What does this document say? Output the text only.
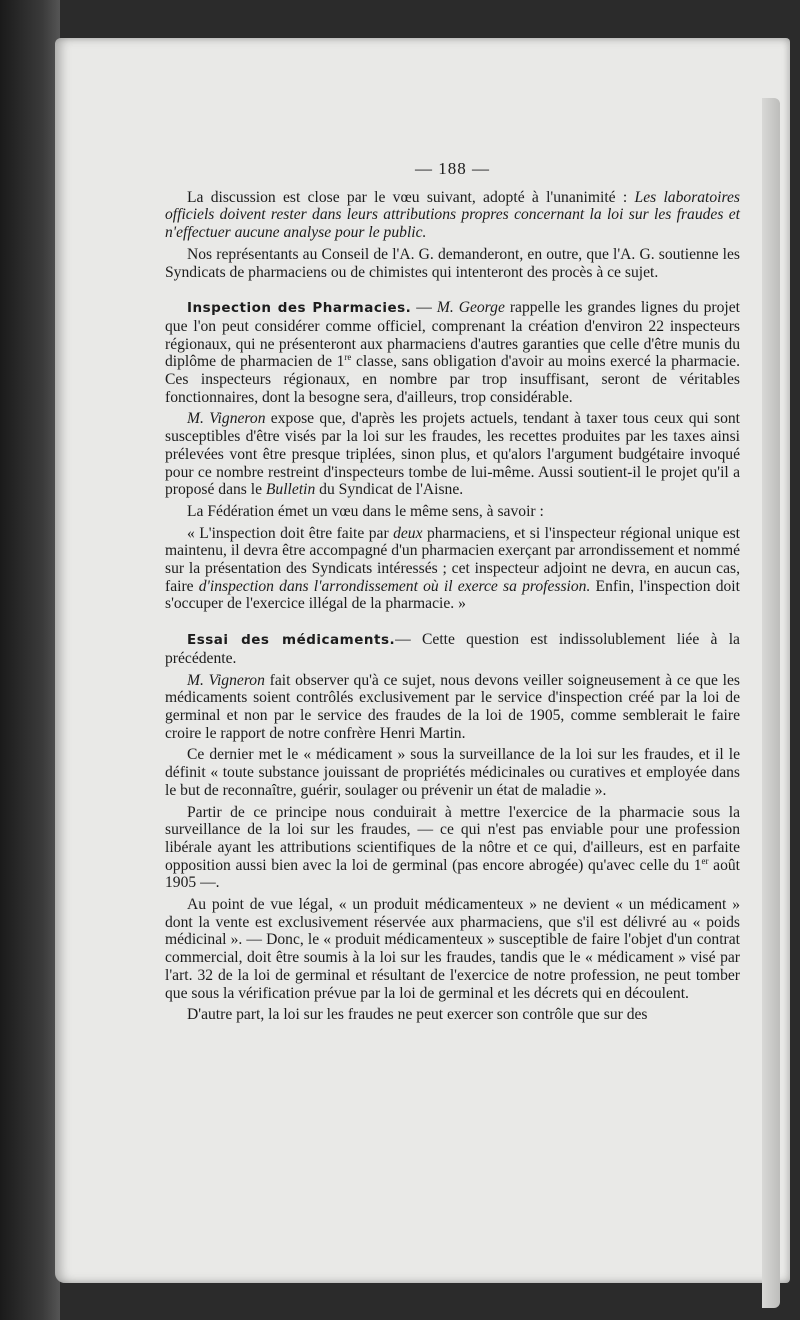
— 188 —

La discussion est close par le vœu suivant, adopté à l'unanimité : Les laboratoires officiels doivent rester dans leurs attributions propres concernant la loi sur les fraudes et n'effectuer aucune analyse pour le public.

Nos représentants au Conseil de l'A. G. demanderont, en outre, que l'A. G. soutienne les Syndicats de pharmaciens ou de chimistes qui intenteront des procès à ce sujet.

Inspection des Pharmacies. — M. George rappelle les grandes lignes du projet que l'on peut considérer comme officiel, comprenant la création d'environ 22 inspecteurs régionaux, qui ne présenteront aux pharmaciens d'autres garanties que celle d'être munis du diplôme de pharmacien de 1re classe, sans obligation d'avoir au moins exercé la pharmacie. Ces inspecteurs régionaux, en nombre par trop insuffisant, seront de véritables fonctionnaires, dont la besogne sera, d'ailleurs, trop considérable.

M. Vigneron expose que, d'après les projets actuels, tendant à taxer tous ceux qui sont susceptibles d'être visés par la loi sur les fraudes, les recettes produites par les taxes ainsi prélevées vont être presque triplées, sinon plus, et qu'alors l'argument budgétaire invoqué pour ce nombre restreint d'inspecteurs tombe de lui-même. Aussi soutient-il le projet qu'il a proposé dans le Bulletin du Syndicat de l'Aisne.

La Fédération émet un vœu dans le même sens, à savoir :

« L'inspection doit être faite par deux pharmaciens, et si l'inspecteur régional unique est maintenu, il devra être accompagné d'un pharmacien exerçant par arrondissement et nommé sur la présentation des Syndicats intéressés ; cet inspecteur adjoint ne devra, en aucun cas, faire d'inspection dans l'arrondissement où il exerce sa profession. Enfin, l'inspection doit s'occuper de l'exercice illégal de la pharmacie. »

Essai des médicaments.— Cette question est indissolublement liée à la précédente.

M. Vigneron fait observer qu'à ce sujet, nous devons veiller soigneusement à ce que les médicaments soient contrôlés exclusivement par le service d'inspection créé par la loi de germinal et non par le service des fraudes de la loi de 1905, comme semblerait le faire croire le rapport de notre confrère Henri Martin.

Ce dernier met le « médicament » sous la surveillance de la loi sur les fraudes, et il le définit « toute substance jouissant de propriétés médicinales ou curatives et employée dans le but de reconnaître, guérir, soulager ou prévenir un état de maladie ».

Partir de ce principe nous conduirait à mettre l'exercice de la pharmacie sous la surveillance de la loi sur les fraudes, — ce qui n'est pas enviable pour une profession libérale ayant les attributions scientifiques de la nôtre et ce qui, d'ailleurs, est en parfaite opposition aussi bien avec la loi de germinal (pas encore abrogée) qu'avec celle du 1er août 1905 —.

Au point de vue légal, « un produit médicamenteux » ne devient « un médicament » dont la vente est exclusivement réservée aux pharmaciens, que s'il est délivré au « poids médicinal ». — Donc, le « produit médicamenteux » susceptible de faire l'objet d'un contrat commercial, doit être soumis à la loi sur les fraudes, tandis que le « médicament » visé par l'art. 32 de la loi de germinal et résultant de l'exercice de notre profession, ne peut tomber que sous la vérification prévue par la loi de germinal et les décrets qui en découlent.

D'autre part, la loi sur les fraudes ne peut exercer son contrôle que sur des
